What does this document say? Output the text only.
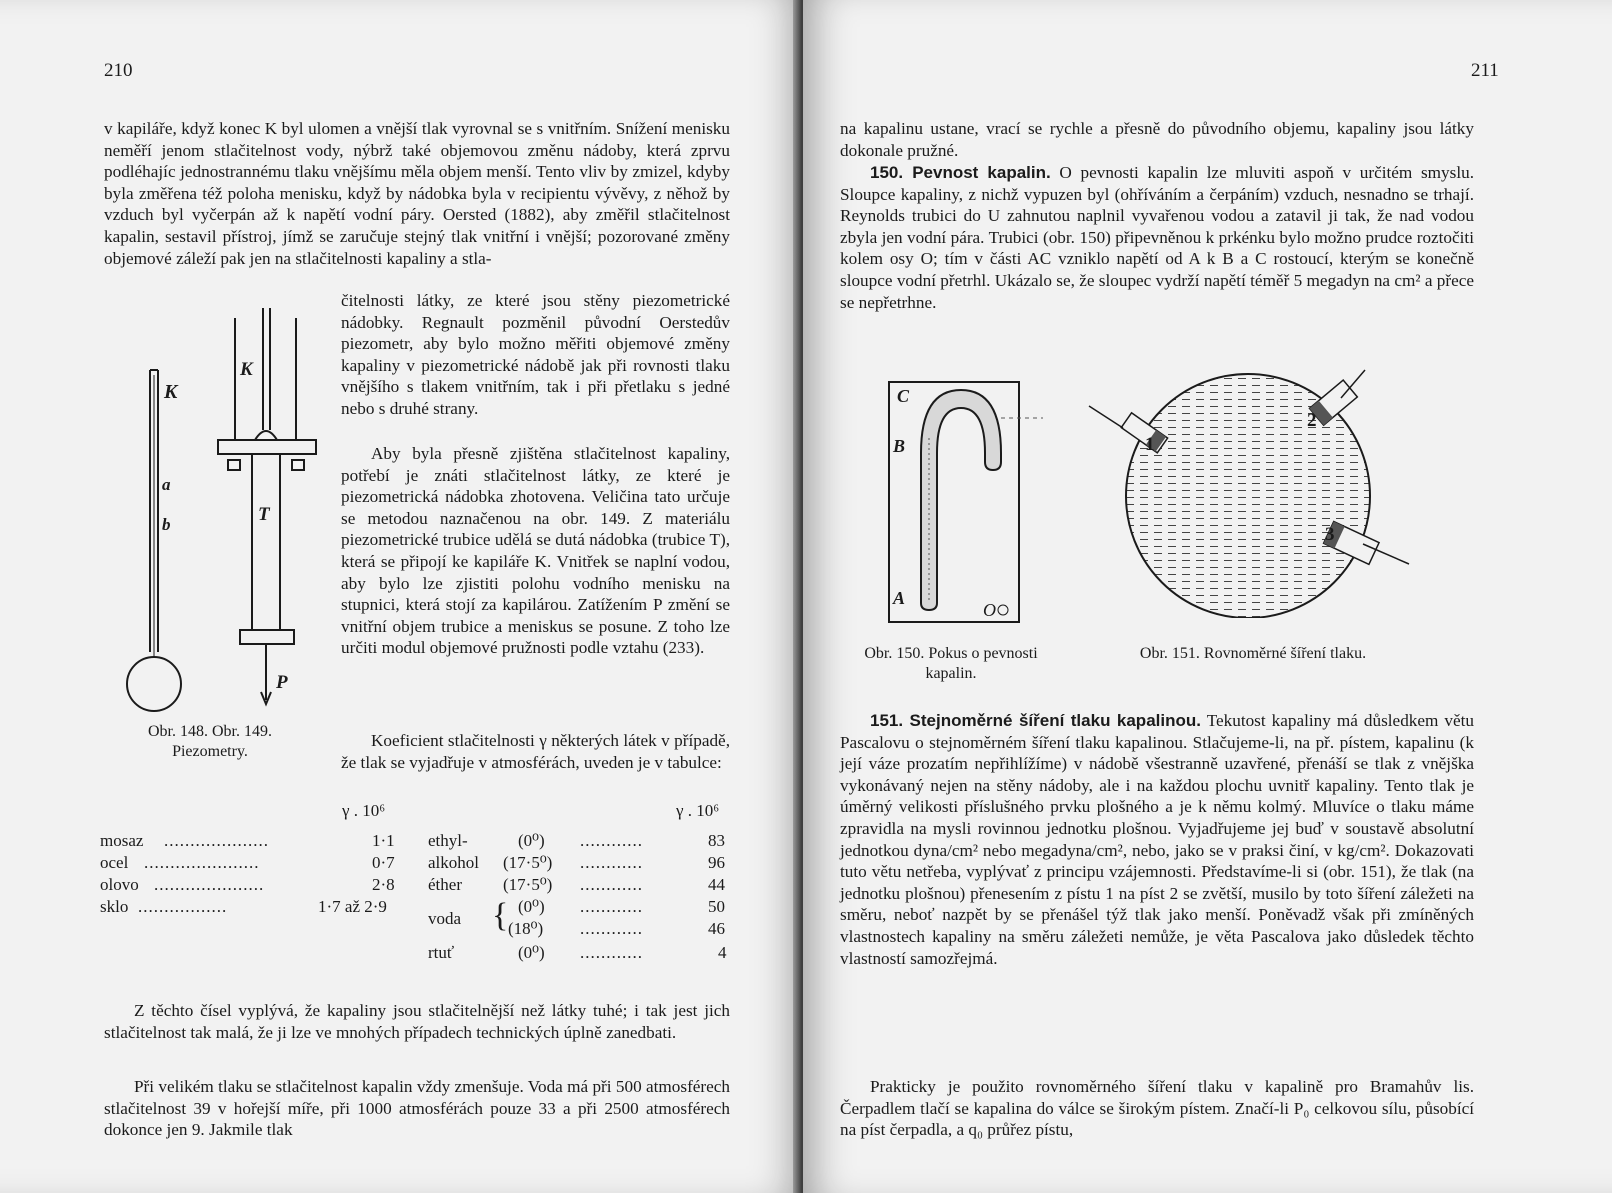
210

v kapiláře, když konec K byl ulomen a vnější tlak vyrovnal se s vnitřním. Snížení menisku neměří jenom stlačitelnost vody, nýbrž také objemovou změnu nádoby, která zprvu podléhajíc jednostrannému tlaku vnějšímu měla objem menší. Tento vliv by zmizel, kdyby byla změřena též poloha menisku, když by nádobka byla v recipientu vývěvy, z něhož by vzduch byl vyčerpán až k napětí vodní páry. Oersted (1882), aby změřil stlačitelnost kapalin, sestavil přístroj, jímž se zaručuje stejný tlak vnitřní i vnější; pozorované změny objemové záleží pak jen na stlačitelnosti kapaliny a stla-

K
a
b
K
T
P
Obr. 148. Obr. 149.
Piezometry.

čitelnosti látky, ze které jsou stěny piezometrické nádobky. Regnault pozměnil původní Oerstedův piezometr, aby bylo možno měřiti objemové změny kapaliny v piezometrické nádobě jak při rovnosti tlaku vnějšího s tlakem vnitřním, tak i při přetlaku s jedné nebo s druhé strany.

Aby byla přesně zjištěna stlačitelnost kapaliny, potřebí je znáti stlačitelnost látky, ze které je piezometrická nádobka zhotovena. Veličina tato určuje se metodou naznačenou na obr. 149. Z materiálu piezometrické trubice udělá se dutá nádobka (trubice T), která se připojí ke kapiláře K. Vnitřek se naplní vodou, aby bylo lze zjistiti polohu vodního menisku na stupnici, která stojí za kapilárou. Zatížením P změní se vnitřní objem trubice a meniskus se posune. Z toho lze určiti modul objemové pružnosti podle vztahu (233).

Koeficient stlačitelnosti γ některých látek v případě, že tlak se vyjadřuje v atmosférách, uveden je v tabulce:

γ . 10⁶	γ . 10⁶
mosaz ....................	1·1
ocel ......................	0·7
olovo .....................	2·8
sklo .................	1·7 až 2·9
ethyl-	(0⁰) ............	83
alkohol (17·5⁰) ............	96
éther (17·5⁰) ............	44
voda { (0⁰) ............	50
(18⁰) ............	46
rtuť	(0⁰) ............	4

Z těchto čísel vyplývá, že kapaliny jsou stlačitelnější než látky tuhé; i tak jest jich stlačitelnost tak malá, že ji lze ve mnohých případech technických úplně zanedbati.

Při velikém tlaku se stlačitelnost kapalin vždy zmenšuje. Voda má při 500 atmosférech stlačitelnost 39 v hořejší míře, při 1000 atmosférách pouze 33 a při 2500 atmosférech dokonce jen 9. Jakmile tlak

211

na kapalinu ustane, vrací se rychle a přesně do původního objemu, kapaliny jsou látky dokonale pružné.

150. Pevnost kapalin. O pevnosti kapalin lze mluviti aspoň v určitém smyslu. Sloupce kapaliny, z nichž vypuzen byl (ohříváním a čerpáním) vzduch, nesnadno se trhají. Reynolds trubici do U zahnutou naplnil vyvařenou vodou a zatavil ji tak, že nad vodou zbyla jen vodní pára. Trubici (obr. 150) připevněnou k prkénku bylo možno prudce roztočiti kolem osy O; tím v části AC vzniklo napětí od A k B a C rostoucí, kterým se konečně sloupce vodní přetrhl. Ukázalo se, že sloupec vydrží napětí téměř 5 megadyn na cm² a přece se nepřetrhne.

C
B
A
O
1
2
3
Obr. 150. Pokus o pevnosti
kapalin.
Obr. 151. Rovnoměrné šíření tlaku.

151. Stejnoměrné šíření tlaku kapalinou. Tekutost kapaliny má důsledkem větu Pascalovu o stejnoměrném šíření tlaku kapalinou. Stlačujeme-li, na př. pístem, kapalinu (k její váze prozatím nepřihlížíme) v nádobě všestranně uzavřené, přenáší se tlak z vnějška vykonávaný nejen na stěny nádoby, ale i na každou plochu uvnitř kapaliny. Tento tlak je úměrný velikosti příslušného prvku plošného a je k němu kolmý. Mluvíce o tlaku máme zpravidla na mysli rovinnou jednotku plošnou. Vyjadřujeme jej buď v soustavě absolutní jednotkou dyna/cm² nebo megadyna/cm², nebo, jako se v praksi činí, v kg/cm². Dokazovati tuto větu netřeba, vyplývať z principu vzájemnosti. Představíme-li si (obr. 151), že tlak (na jednotku plošnou) přenesením z pístu 1 na píst 2 se zvětší, musilo by toto šíření záležeti na směru, neboť nazpět by se přenášel týž tlak jako menší. Poněvadž však při zmíněných vlastnostech kapaliny na směru záležeti nemůže, je věta Pascalova jako důsledek těchto vlastností samozřejmá.

Prakticky je použito rovnoměrného šíření tlaku v kapalině pro Bramahův lis. Čerpadlem tlačí se kapalina do válce se širokým pístem. Značí-li P₀ celkovou sílu, působící na píst čerpadla, a q₀ průřez pístu,
